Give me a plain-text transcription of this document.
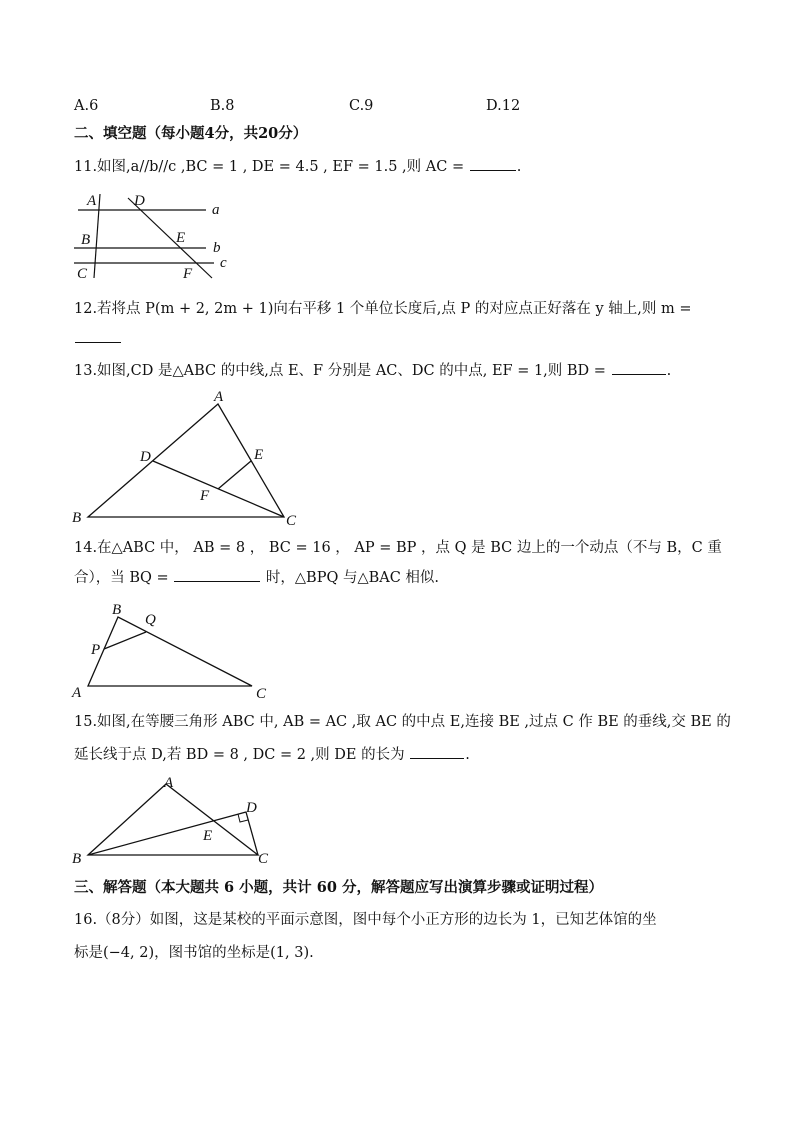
A.6	B.8	C.9	D.12
二、填空题（每小题4分，共20分）
11.如图,a//b//c ,BC = 1 , DE = 4.5 , EF = 1.5 ,则 AC =	.
A	D
a
B	E
b
C	F
c
12.若将点 P(m + 2, 2m + 1)向右平移 1 个单位长度后,点 P 的对应点正好落在 y 轴上,则 m =
13.如图,CD 是△ABC 的中线,点 E、F 分别是 AC、DC 的中点, EF = 1,则 BD =	.
A
B	C
D	E
F
14.在△ABC 中， AB = 8 ， BC = 16 ， AP = BP ，点 Q 是 BC 边上的一个动点（不与 B，C 重
合），当 BQ =	时，△BPQ 与△BAC 相似.
B
Q
P
A	C
15.如图,在等腰三角形 ABC 中, AB = AC ,取 AC 的中点 E,连接 BE ,过点 C 作 BE 的垂线,交 BE 的
延长线于点 D,若 BD = 8 , DC = 2 ,则 DE 的长为	.
A
B	C
D
E
三、解答题（本大题共 6 小题，共计 60 分，解答题应写出演算步骤或证明过程）
16.（8分）如图，这是某校的平面示意图，图中每个小正方形的边长为 1，已知艺体馆的坐
标是(−4, 2)，图书馆的坐标是(1, 3).
